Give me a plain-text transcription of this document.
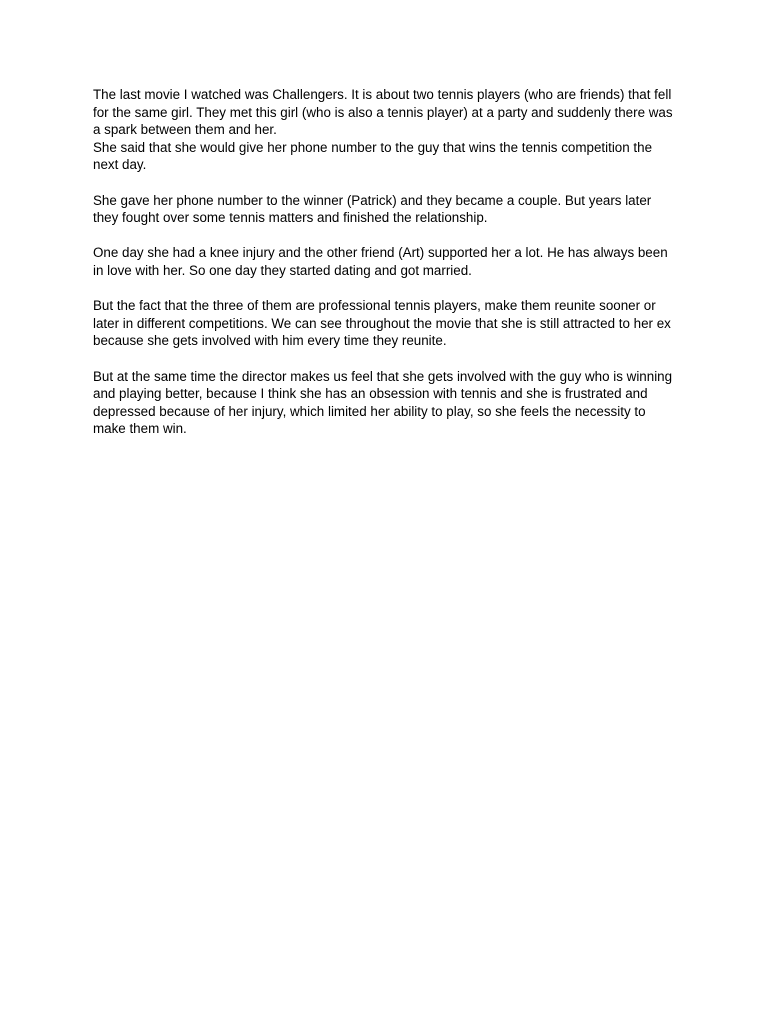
The last movie I watched was Challengers. It is about two tennis players (who are friends) that fell for the same girl. They met this girl (who is also a tennis player) at a party and suddenly there was a spark between them and her.

She said that she would give her phone number to the guy that wins the tennis competition the next day.

She gave her phone number to the winner (Patrick) and they became a couple. But years later they fought over some tennis matters and finished the relationship.

One day she had a knee injury and the other friend (Art) supported her a lot. He has always been in love with her. So one day they started dating and got married.

But the fact that the three of them are professional tennis players, make them reunite sooner or later in different competitions. We can see throughout the movie that she is still attracted to her ex because she gets involved with him every time they reunite.

But at the same time the director makes us feel that she gets involved with the guy who is winning and playing better, because I think she has an obsession with tennis and she is frustrated and depressed because of her injury, which limited her ability to play, so she feels the necessity to make them win.
